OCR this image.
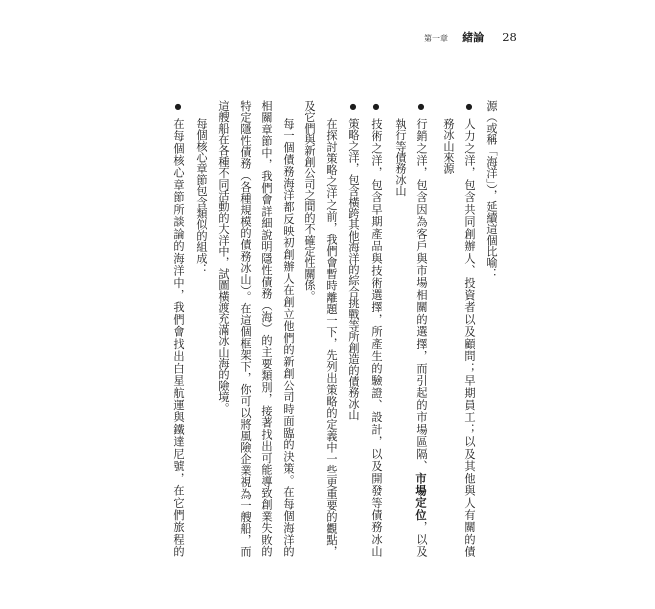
第一章 緒論 28
源（或稱「海洋」），延續這個比喻：
●
人力之洋，包含共同創辦人、投資者以及顧問；早期員工；以及其他與人有關的債
務冰山來源
●
行銷之洋，包含因為客戶與市場相關的選擇，而引起的市場區隔、市場定位，以及
執行等債務冰山
●
技術之洋，包含早期產品與技術選擇，所產生的驗證、設計，以及開發等債務冰山
●
策略之洋，包含橫跨其他海洋的綜合挑戰等所創造的債務冰山
在探討策略之洋之前，我們會暫時離題一下，先列出策略的定義中一些更重要的觀點，
及它們與新創公司之間的不確定性關係。
每一個債務海洋都反映初創辦人在創立他們的新創公司時面臨的決策。在每個海洋的
相關章節中，我們會詳細說明隱性債務（海）的主要類別，接著找出可能導致創業失敗的
特定隱性債務（各種規模的債務冰山）。在這個框架下，你可以將風險企業視為一艘船，而
這艘船在各種不同活動的大洋中，試圖橫渡充滿冰山海的險境。
每個核心章節包含類似的組成：
●
在每個核心章節所談論的海洋中，我們會找出白星航運與鐵達尼號，在它們旅程的
